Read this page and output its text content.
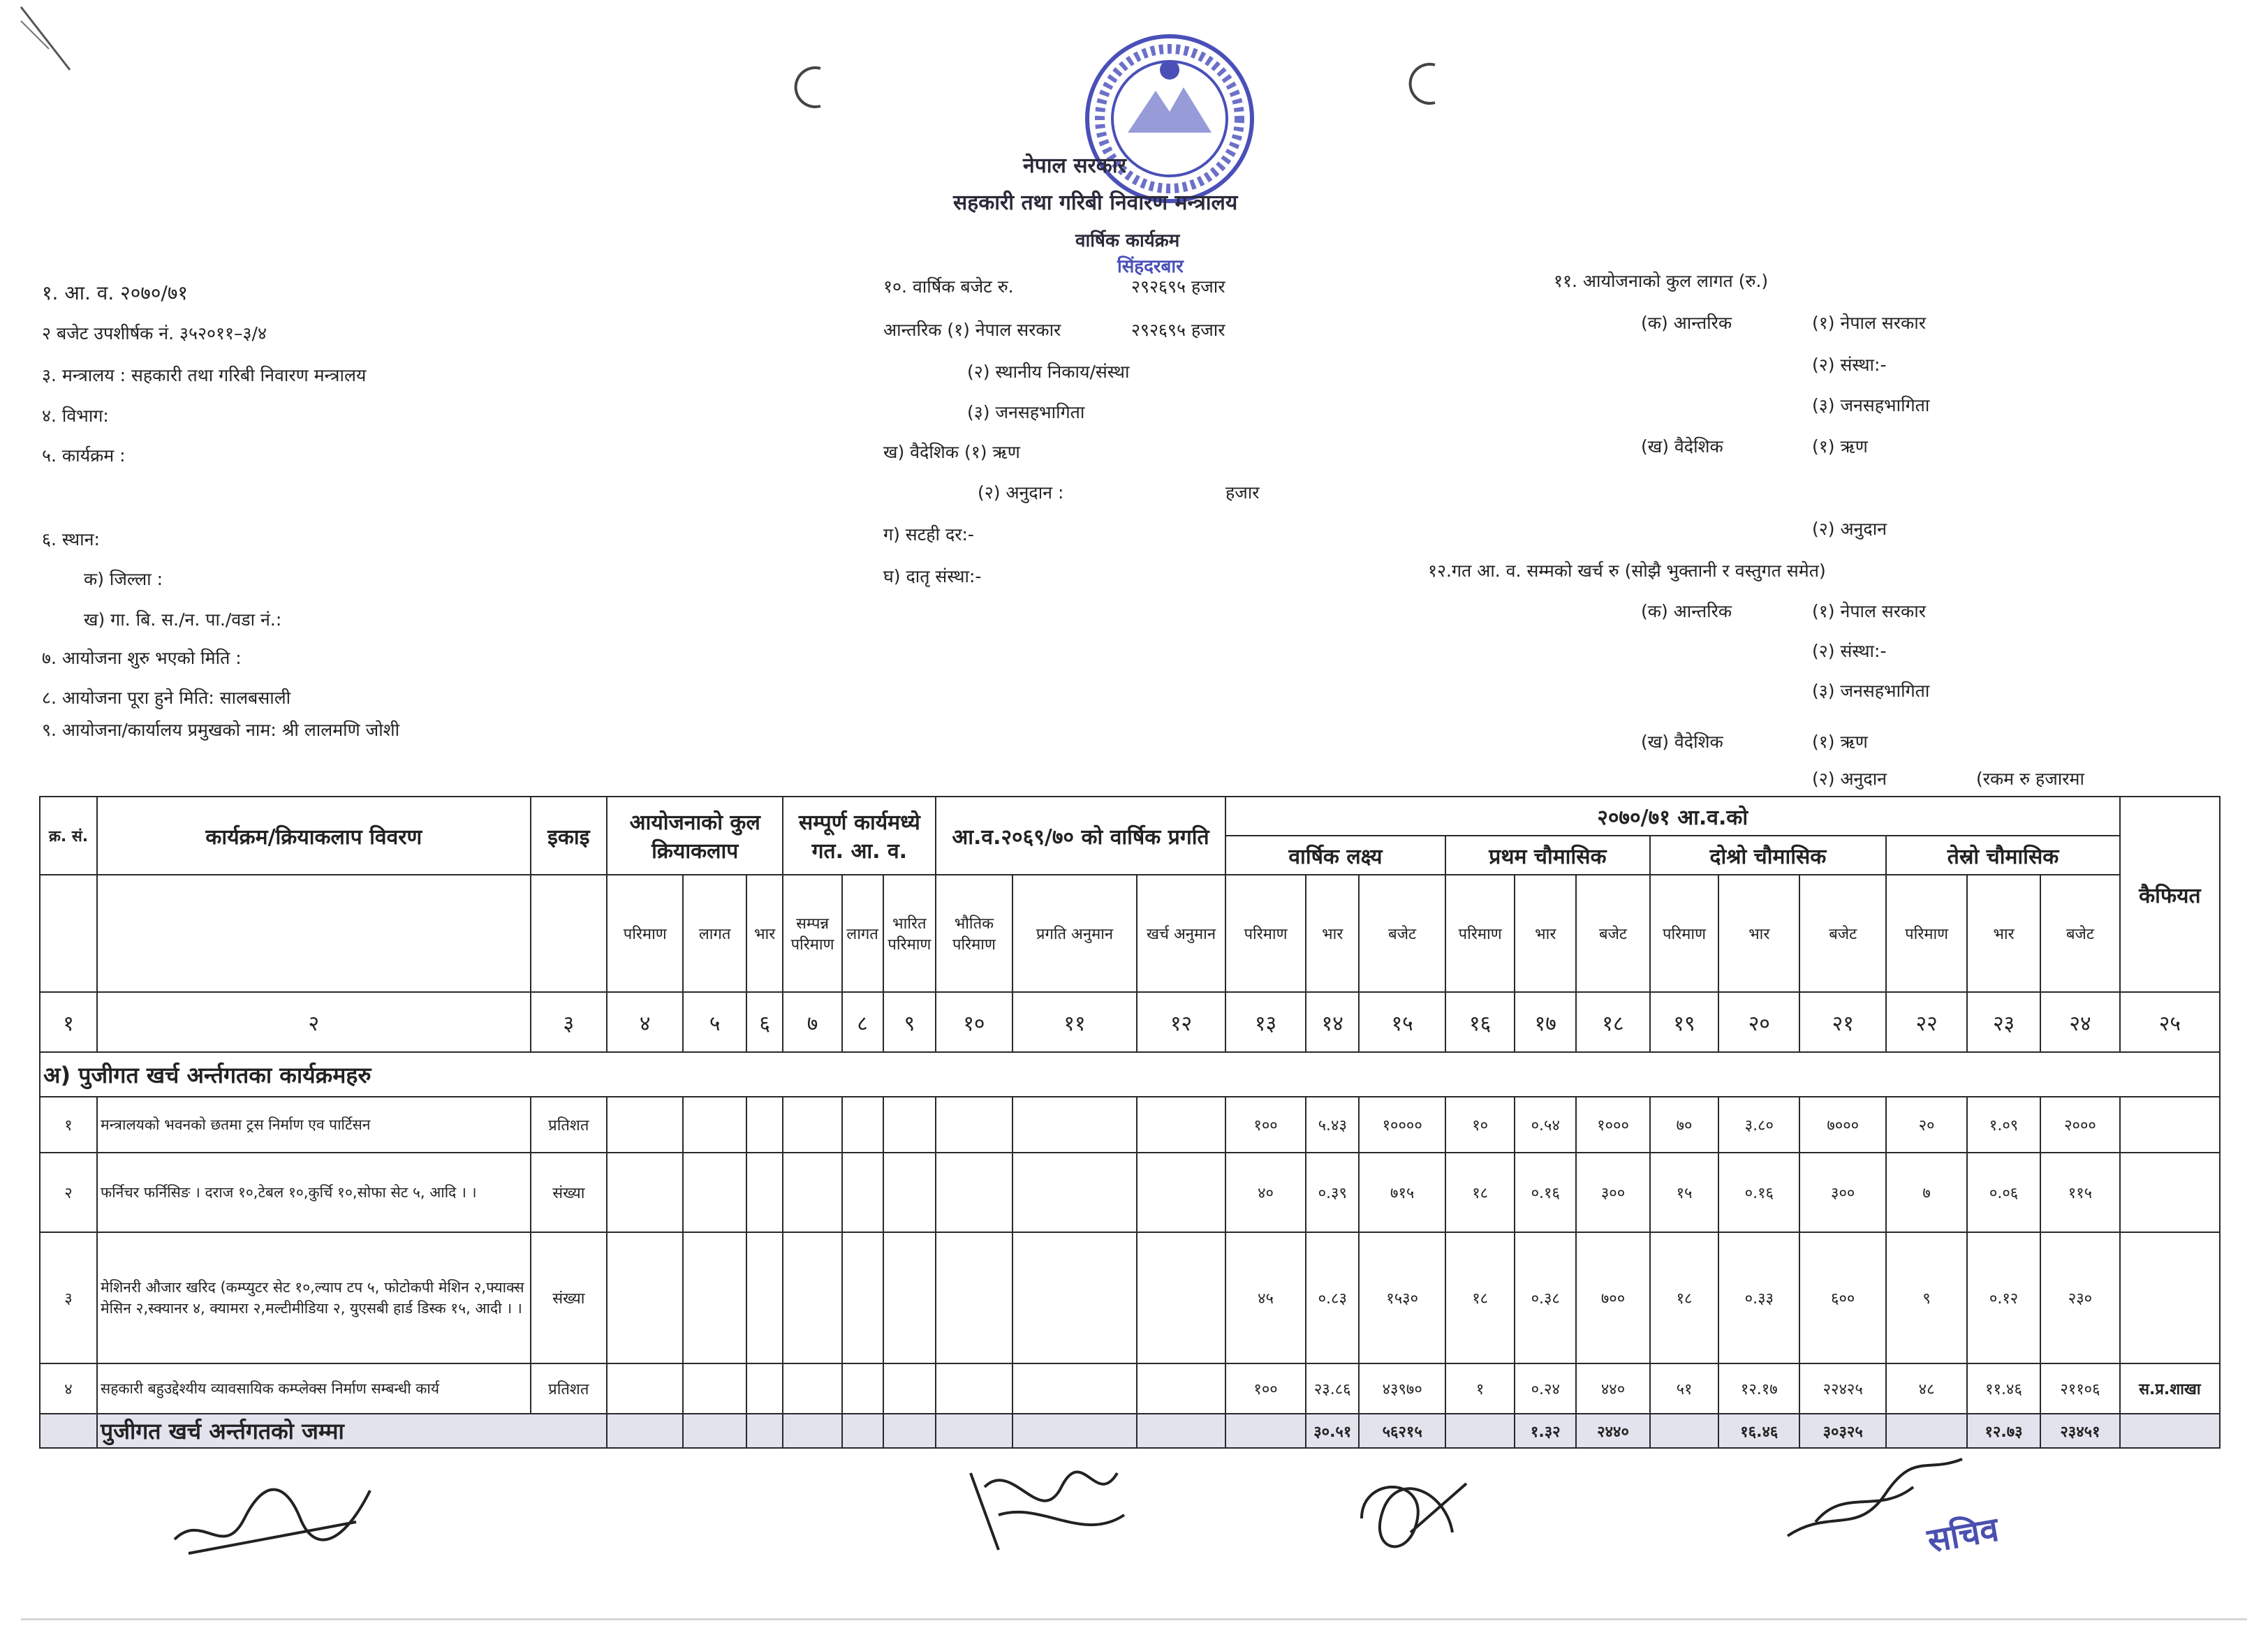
नेपाल सरकार
सहकारी तथा गरिबी निवारण मन्त्रालय
वार्षिक कार्यक्रम
सिंहदरबार
१. आ. व. २०७०/७१
२ बजेट उपशीर्षक नं. ३५२०११–३/४
३. मन्त्रालय : सहकारी तथा गरिबी निवारण मन्त्रालय
४. विभाग:
५. कार्यक्रम :
६. स्थान:
क) जिल्ला :
ख) गा. बि. स./न. पा./वडा नं.:
७. आयोजना शुरु भएको मिति :
८. आयोजना पूरा हुने मिति: सालबसाली
९. आयोजना/कार्यालय प्रमुखको नाम: श्री लालमणि जोशी
१०. वार्षिक बजेट रु.	२९२६९५ हजार
आन्तरिक (१) नेपाल सरकार	२९२६९५ हजार
(२) स्थानीय निकाय/संस्था
(३) जनसहभागिता
ख) वैदेशिक (१) ऋण
(२) अनुदान :	हजार
ग) सटही दर:-
घ) दातृ संस्था:-
११. आयोजनाको कुल लागत (रु.)
(क) आन्तरिक	(१) नेपाल सरकार
(२) संस्था:-
(३) जनसहभागिता
(ख) वैदेशिक	(१) ऋण
(२) अनुदान
१२.गत आ. व. सम्मको खर्च रु (सोझै भुक्तानी र वस्तुगत समेत)
(क) आन्तरिक	(१) नेपाल सरकार
(२) संस्था:-
(३) जनसहभागिता
(ख) वैदेशिक	(१) ऋण
(२) अनुदान	(रकम रु हजारमा
क्र. सं.	कार्यक्रम/क्रियाकलाप विवरण	इकाइ	आयोजनाको कुल क्रियाकलाप			सम्पूर्ण कार्यमध्ये गत. आ. व.			आ.व.२०६९/७० को वार्षिक प्रगति			२०७०/७१ आ.व.को												कैफियत
												वार्षिक लक्ष्य			प्रथम चौमासिक			दोश्रो चौमासिक			तेस्रो चौमासिक			
			परिमाण	लागत	भार	सम्पन्न परिमाण	लागत	भारित परिमाण	भौतिक परिमाण	प्रगति अनुमान	खर्च अनुमान	परिमाण	भार	बजेट	परिमाण	भार	बजेट	परिमाण	भार	बजेट	परिमाण	भार	बजेट	
१	२	३	४	५	६	७	८	९	१०	११	१२	१३	१४	१५	१६	१७	१८	१९	२०	२१	२२	२३	२४	२५
अ) पुजीगत खर्च अर्न्तगतका कार्यक्रमहरु																								
१	मन्त्रालयको भवनको छतमा ट्रस निर्माण एव पार्टिसन	प्रतिशत										१००	५.४३	१००००	१०	०.५४	१०००	७०	३.८०	७०००	२०	१.०९	२०००	
२	फर्निचर फर्निसिङ । दराज १०,टेबल १०,कुर्चि १०,सोफा सेट ५, आदि । ।	संख्या										४०	०.३९	७१५	१८	०.१६	३००	१५	०.१६	३००	७	०.०६	११५	
३	मेशिनरी औजार खरिद (कम्प्युटर सेट १०,ल्याप टप ५, फोटोकपी मेशिन २,फ्याक्स मेसिन २,स्क्यानर ४, क्यामरा २,मल्टीमीडिया २, युएसबी हार्ड डिस्क १५, आदी । ।	संख्या										४५	०.८३	१५३०	१८	०.३८	७००	१८	०.३३	६००	९	०.१२	२३०	
४	सहकारी बहुउद्देश्यीय व्यावसायिक कम्प्लेक्स निर्माण सम्बन्धी कार्य	प्रतिशत										१००	२३.८६	४३९७०	१	०.२४	४४०	५१	१२.१७	२२४२५	४८	११.४६	२११०६	स.प्र.शाखा
	पुजीगत खर्च अर्न्तगतको जम्मा												३०.५१	५६२१५		१.३२	२४४०		१६.४६	३०३२५		१२.७३	२३४५१	
सचिव
